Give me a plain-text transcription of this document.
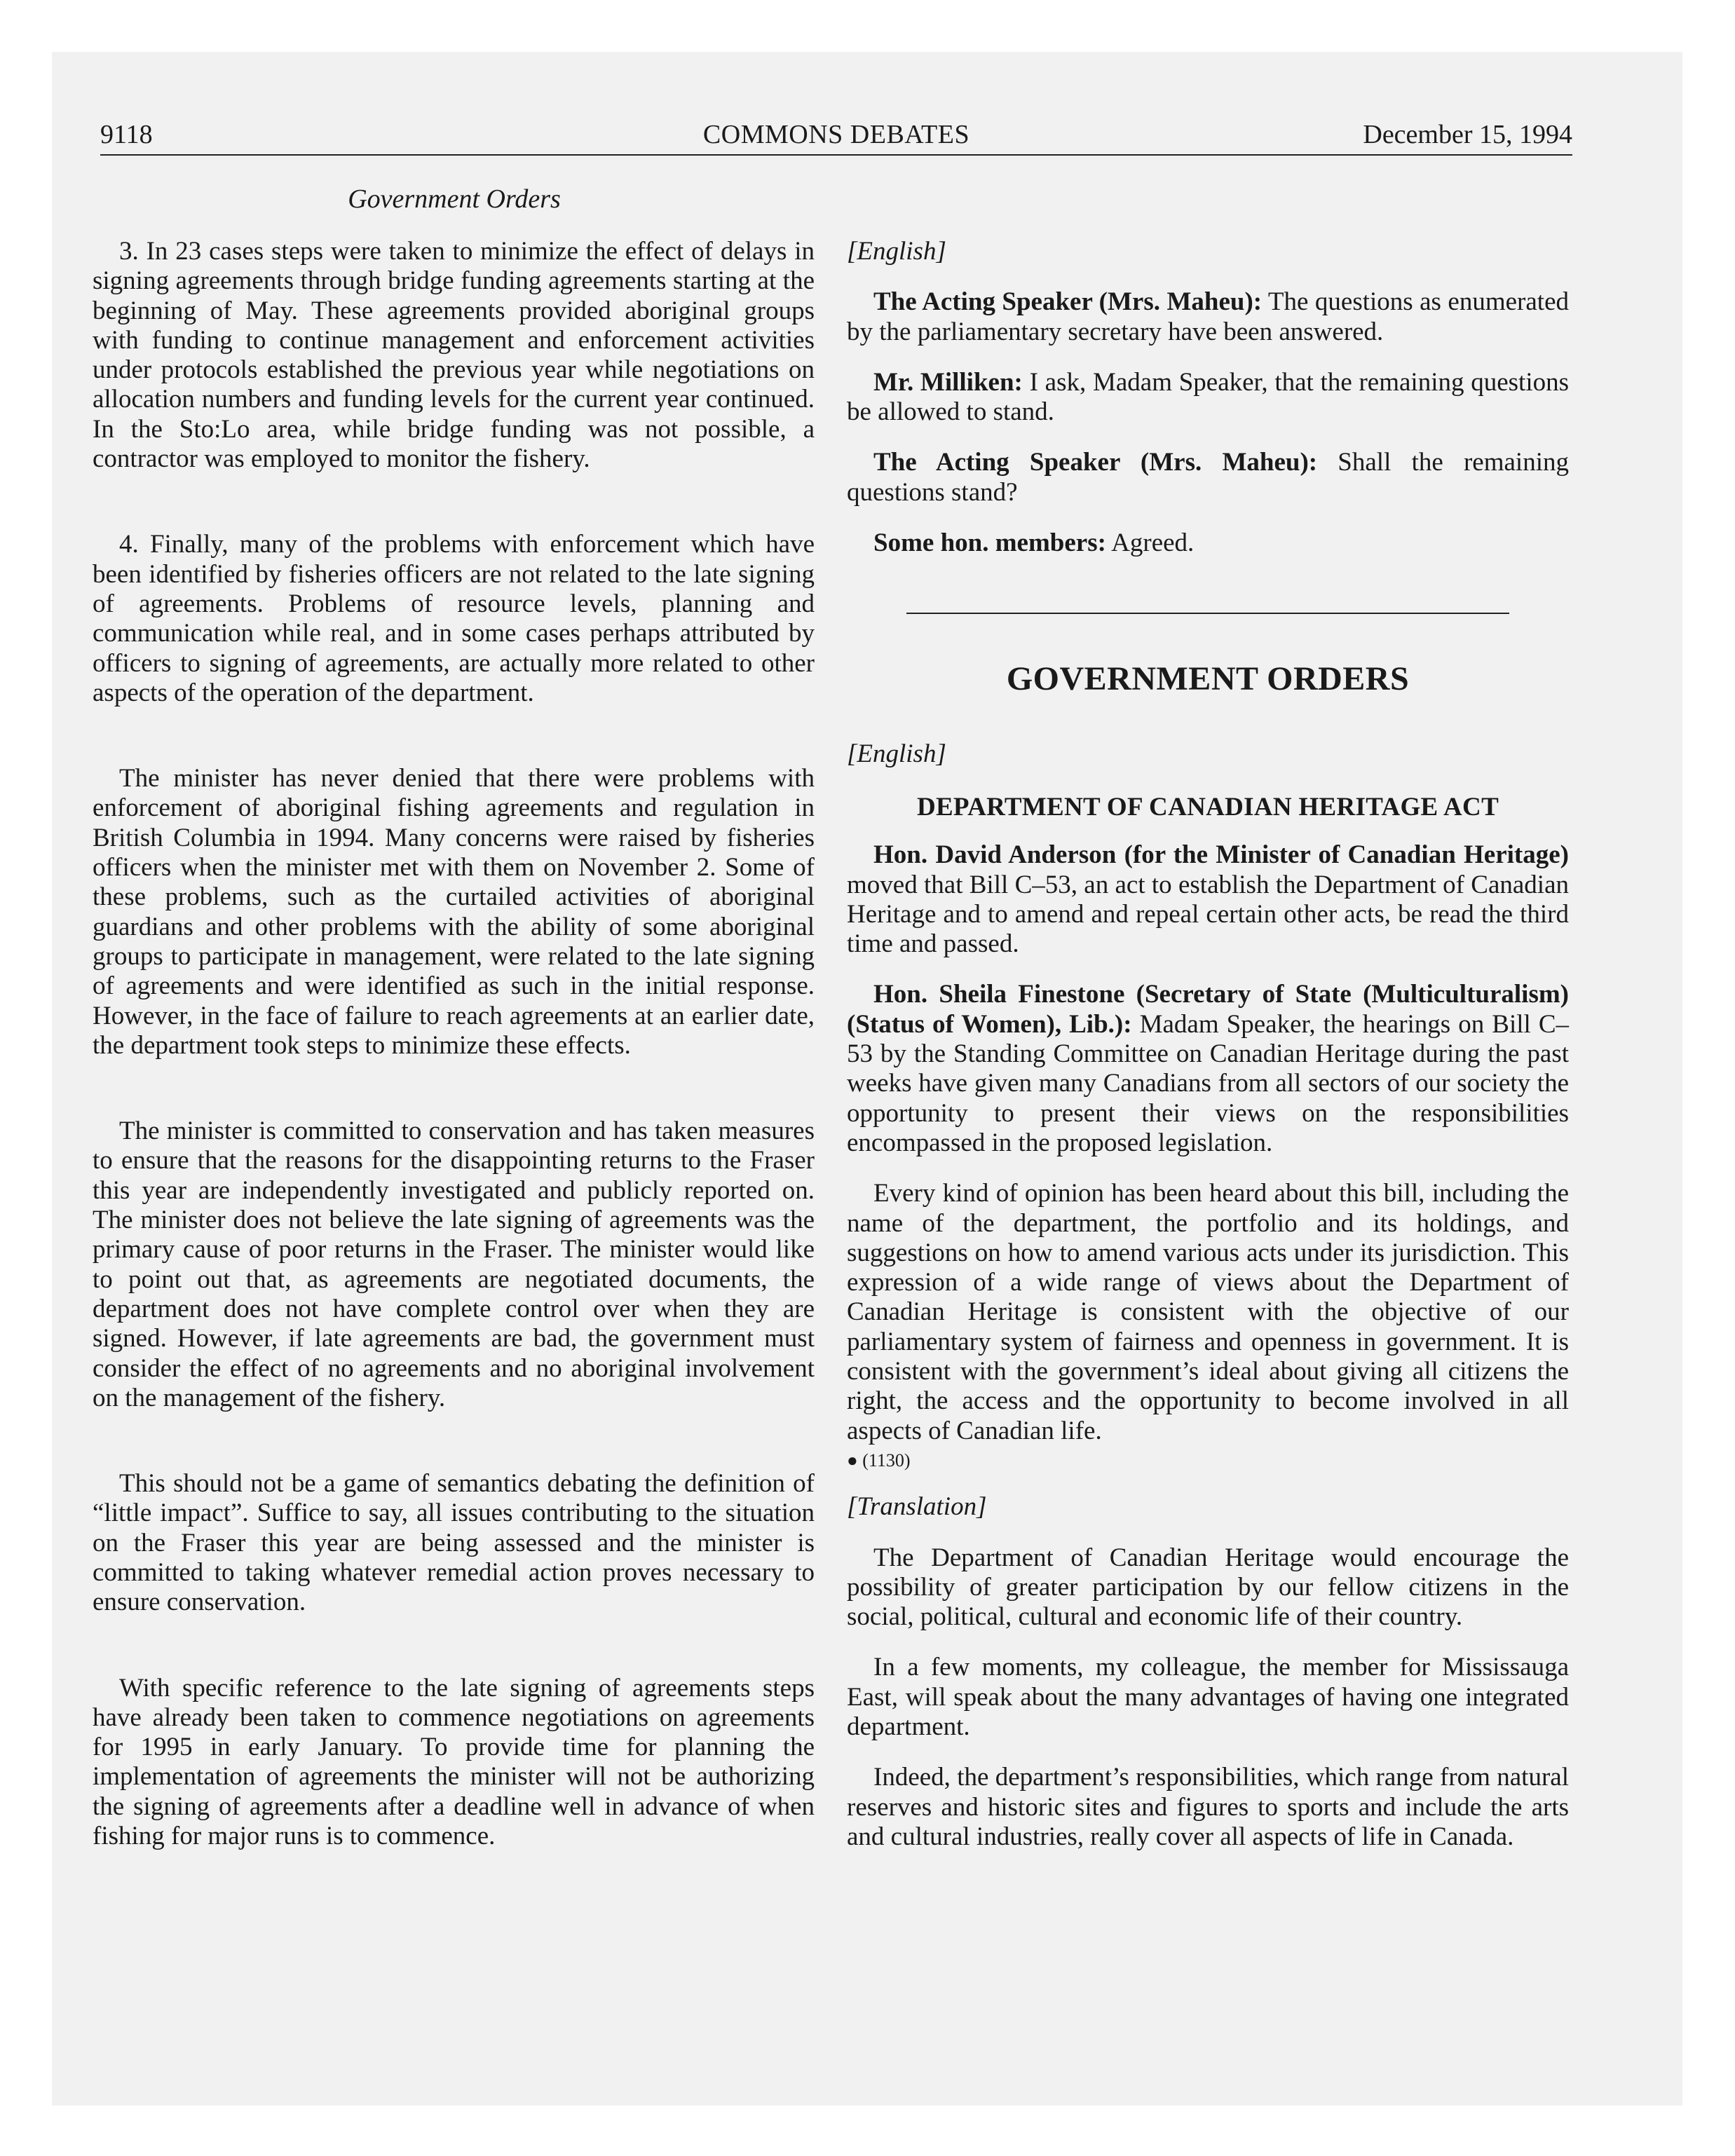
9118	COMMONS DEBATES	December 15, 1994
Government Orders

3. In 23 cases steps were taken to minimize the effect of delays in signing agreements through bridge funding agreements starting at the beginning of May. These agreements provided aboriginal groups with funding to continue management and enforcement activities under protocols established the previous year while negotiations on allocation numbers and funding levels for the current year continued. In the Sto:Lo area, while bridge funding was not possible, a contractor was employed to monitor the fishery.

4. Finally, many of the problems with enforcement which have been identified by fisheries officers are not related to the late signing of agreements. Problems of resource levels, planning and communication while real, and in some cases perhaps attributed by officers to signing of agreements, are actually more related to other aspects of the operation of the department.

The minister has never denied that there were problems with enforcement of aboriginal fishing agreements and regulation in British Columbia in 1994. Many concerns were raised by fisheries officers when the minister met with them on November 2. Some of these problems, such as the curtailed activities of aboriginal guardians and other problems with the ability of some aboriginal groups to participate in management, were related to the late signing of agreements and were identified as such in the initial response. However, in the face of failure to reach agreements at an earlier date, the department took steps to minimize these effects.

The minister is committed to conservation and has taken measures to ensure that the reasons for the disappointing returns to the Fraser this year are independently investigated and publicly reported on. The minister does not believe the late signing of agreements was the primary cause of poor returns in the Fraser. The minister would like to point out that, as agreements are negotiated documents, the department does not have complete control over when they are signed. However, if late agreements are bad, the government must consider the effect of no agreements and no aboriginal involvement on the management of the fishery.

This should not be a game of semantics debating the definition of “little impact”. Suffice to say, all issues contributing to the situation on the Fraser this year are being assessed and the minister is committed to taking whatever remedial action proves necessary to ensure conservation.

With specific reference to the late signing of agreements steps have already been taken to commence negotiations on agreements for 1995 in early January. To provide time for planning the implementation of agreements the minister will not be authorizing the signing of agreements after a deadline well in advance of when fishing for major runs is to commence.

[English]

The Acting Speaker (Mrs. Maheu): The questions as enumerated by the parliamentary secretary have been answered.

Mr. Milliken: I ask, Madam Speaker, that the remaining questions be allowed to stand.

The Acting Speaker (Mrs. Maheu): Shall the remaining questions stand?

Some hon. members: Agreed.

GOVERNMENT ORDERS

[English]

DEPARTMENT OF CANADIAN HERITAGE ACT

Hon. David Anderson (for the Minister of Canadian Heritage) moved that Bill C–53, an act to establish the Department of Canadian Heritage and to amend and repeal certain other acts, be read the third time and passed.

Hon. Sheila Finestone (Secretary of State (Multiculturalism) (Status of Women), Lib.): Madam Speaker, the hearings on Bill C–53 by the Standing Committee on Canadian Heritage during the past weeks have given many Canadians from all sectors of our society the opportunity to present their views on the responsibilities encompassed in the proposed legislation.

Every kind of opinion has been heard about this bill, including the name of the department, the portfolio and its holdings, and suggestions on how to amend various acts under its jurisdiction. This expression of a wide range of views about the Department of Canadian Heritage is consistent with the objective of our parliamentary system of fairness and openness in government. It is consistent with the government’s ideal about giving all citizens the right, the access and the opportunity to become involved in all aspects of Canadian life.

● (1130)

[Translation]

The Department of Canadian Heritage would encourage the possibility of greater participation by our fellow citizens in the social, political, cultural and economic life of their country.

In a few moments, my colleague, the member for Mississauga East, will speak about the many advantages of having one integrated department.

Indeed, the department’s responsibilities, which range from natural reserves and historic sites and figures to sports and include the arts and cultural industries, really cover all aspects of life in Canada.
